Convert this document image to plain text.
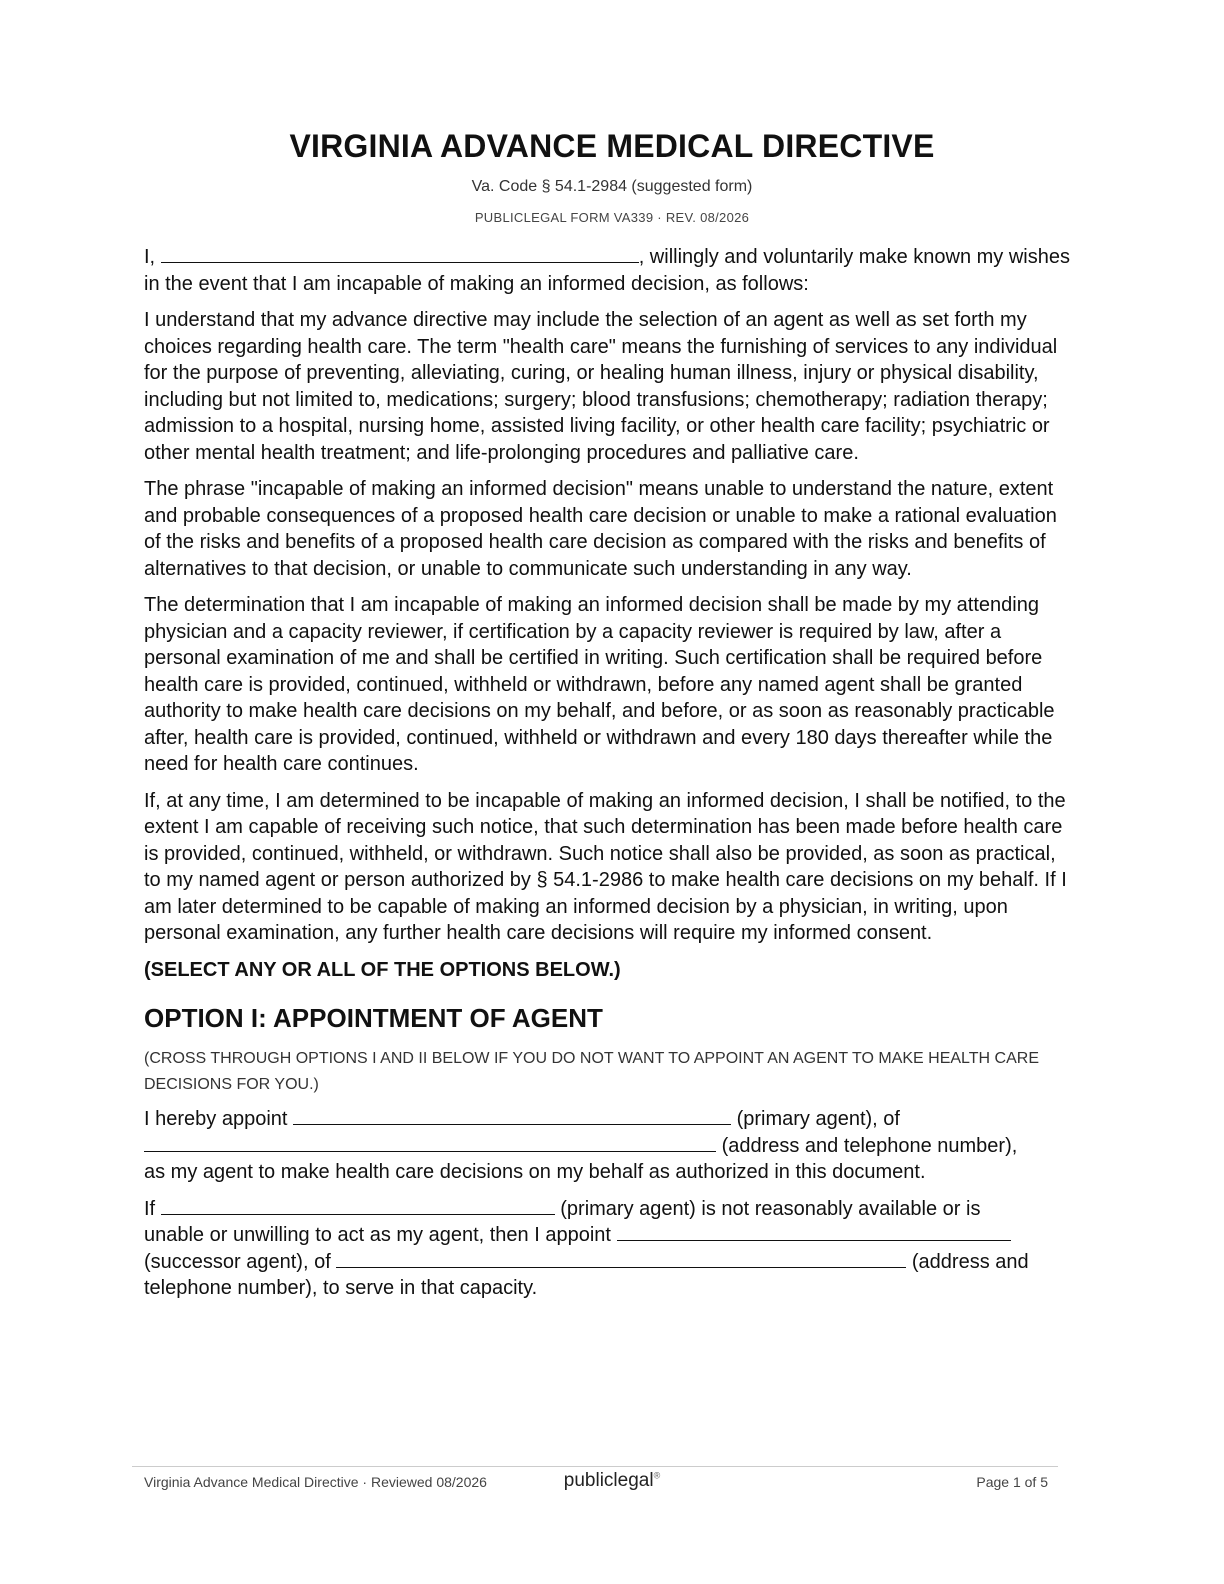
VIRGINIA ADVANCE MEDICAL DIRECTIVE
Va. Code § 54.1-2984 (suggested form)
PUBLICLEGAL FORM VA339 · REV. 08/2026

I,	, willingly and voluntarily make known my wishes in the event that I am incapable of making an informed decision, as follows:

I understand that my advance directive may include the selection of an agent as well as set forth my choices regarding health care. The term "health care" means the furnishing of services to any individual for the purpose of preventing, alleviating, curing, or healing human illness, injury or physical disability, including but not limited to, medications; surgery; blood transfusions; chemotherapy; radiation therapy; admission to a hospital, nursing home, assisted living facility, or other health care facility; psychiatric or other mental health treatment; and life-prolonging procedures and palliative care.

The phrase "incapable of making an informed decision" means unable to understand the nature, extent and probable consequences of a proposed health care decision or unable to make a rational evaluation of the risks and benefits of a proposed health care decision as compared with the risks and benefits of alternatives to that decision, or unable to communicate such understanding in any way.

The determination that I am incapable of making an informed decision shall be made by my attending physician and a capacity reviewer, if certification by a capacity reviewer is required by law, after a personal examination of me and shall be certified in writing. Such certification shall be required before health care is provided, continued, withheld or withdrawn, before any named agent shall be granted authority to make health care decisions on my behalf, and before, or as soon as reasonably practicable after, health care is provided, continued, withheld or withdrawn and every 180 days thereafter while the need for health care continues.

If, at any time, I am determined to be incapable of making an informed decision, I shall be notified, to the extent I am capable of receiving such notice, that such determination has been made before health care is provided, continued, withheld, or withdrawn. Such notice shall also be provided, as soon as practical, to my named agent or person authorized by § 54.1-2986 to make health care decisions on my behalf. If I am later determined to be capable of making an informed decision by a physician, in writing, upon personal examination, any further health care decisions will require my informed consent.

(SELECT ANY OR ALL OF THE OPTIONS BELOW.)

OPTION I: APPOINTMENT OF AGENT

(CROSS THROUGH OPTIONS I AND II BELOW IF YOU DO NOT WANT TO APPOINT AN AGENT TO MAKE HEALTH CARE DECISIONS FOR YOU.)

I hereby appoint	(primary agent), of
(address and telephone number),
as my agent to make health care decisions on my behalf as authorized in this document.

If	(primary agent) is not reasonably available or is
unable or unwilling to act as my agent, then I appoint
(successor agent), of	(address and
telephone number), to serve in that capacity.

Virginia Advance Medical Directive · Reviewed 08/2026	publiclegal®	Page 1 of 5
